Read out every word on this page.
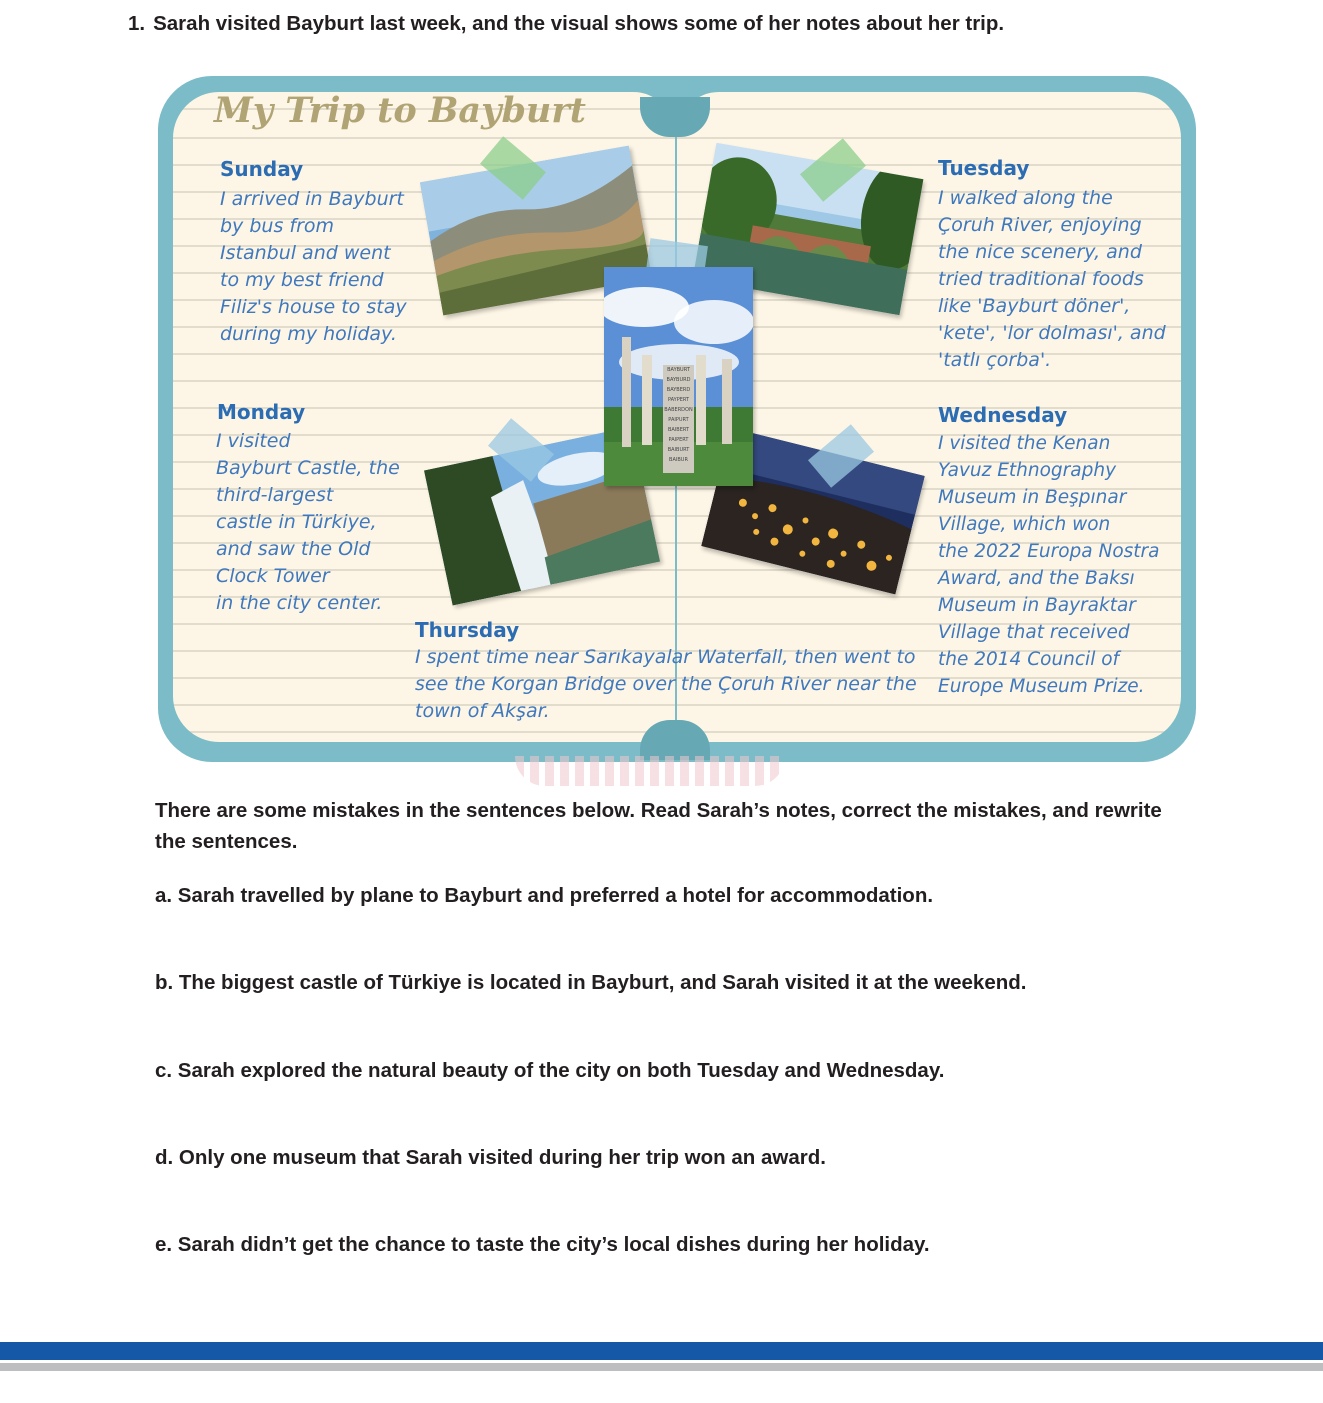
1. Sarah visited Bayburt last week, and the visual shows some of her notes about her trip.
My Trip to Bayburt
Sunday

I arrived in Bayburt
by bus from
Istanbul and went
to my best friend
Filiz's house to stay
during my holiday.

Monday

I visited
Bayburt Castle, the
third-largest
castle in Türkiye,
and saw the Old
Clock Tower
in the city center.

Tuesday

I walked along the
Çoruh River, enjoying
the nice scenery, and
tried traditional foods
like 'Bayburt döner',
'kete', 'lor dolması', and
'tatlı çorba'.

Wednesday

I visited the Kenan
Yavuz Ethnography
Museum in Beşpınar
Village, which won
the 2022 Europa Nostra
Award, and the Baksı
Museum in Bayraktar
Village that received
the 2014 Council of
Europe Museum Prize.

Thursday

I spent time near Sarıkayalar Waterfall, then went to
see the Korgan Bridge over the Çoruh River near the
town of Akşar.

BAYBURT
BAYBURD
BAYBERD
PAYPERT
BABERDON
PAIPURT
BAIBERT
PAIPERT
BAIBURT
BAIBUR

There are some mistakes in the sentences below. Read Sarah’s notes, correct the mistakes, and rewrite the sentences.

a. Sarah travelled by plane to Bayburt and preferred a hotel for accommodation.
b. The biggest castle of Türkiye is located in Bayburt, and Sarah visited it at the weekend.
c. Sarah explored the natural beauty of the city on both Tuesday and Wednesday.
d. Only one museum that Sarah visited during her trip won an award.
e. Sarah didn’t get the chance to taste the city’s local dishes during her holiday.
